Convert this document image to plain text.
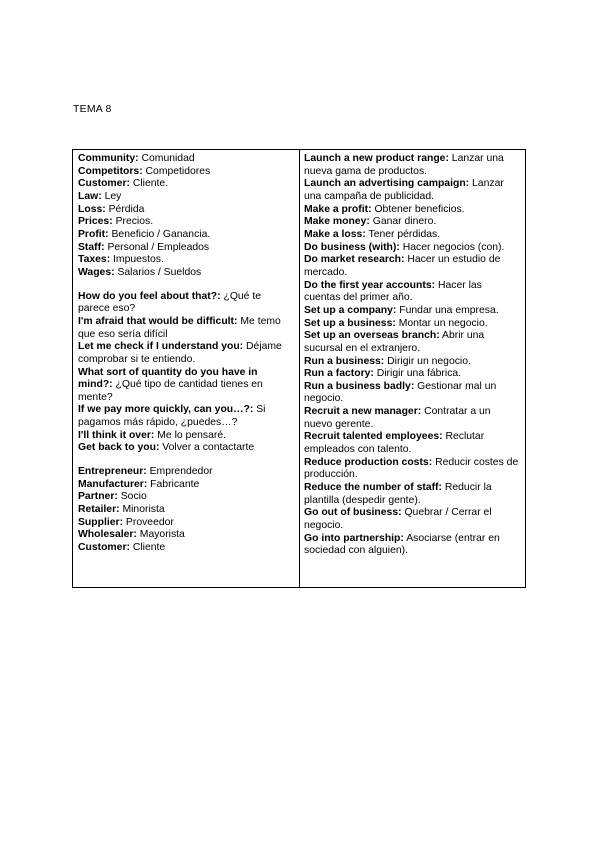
TEMA 8

Community: Comunidad

Competitors: Competidores

Customer: Cliente.

Law: Ley

Loss: Pérdida

Prices: Precios.

Profit: Beneficio / Ganancia.

Staff: Personal / Empleados

Taxes: Impuestos.

Wages: Salarios / Sueldos

How do you feel about that?: ¿Qué te parece eso?

I'm afraid that would be difficult: Me temo que eso sería difícil

Let me check if I understand you: Déjame comprobar si te entiendo.

What sort of quantity do you have in mind?: ¿Qué tipo de cantidad tienes en mente?

If we pay more quickly, can you…?: Si pagamos más rápido, ¿puedes…?

I'll think it over: Me lo pensaré.

Get back to you: Volver a contactarte

Entrepreneur: Emprendedor

Manufacturer: Fabricante

Partner: Socio

Retailer: Minorista

Supplier: Proveedor

Wholesaler: Mayorista

Customer: Cliente

Launch a new product range: Lanzar una nueva gama de productos.

Launch an advertising campaign: Lanzar una campaña de publicidad.

Make a profit: Obtener beneficios.

Make money: Ganar dinero.

Make a loss: Tener pérdidas.

Do business (with): Hacer negocios (con).

Do market research: Hacer un estudio de mercado.

Do the first year accounts: Hacer las cuentas del primer año.

Set up a company: Fundar una empresa.

Set up a business: Montar un negocio.

Set up an overseas branch: Abrir una sucursal en el extranjero.

Run a business: Dirigir un negocio.

Run a factory: Dirigir una fábrica.

Run a business badly: Gestionar mal un negocio.

Recruit a new manager: Contratar a un nuevo gerente.

Recruit talented employees: Reclutar empleados con talento.

Reduce production costs: Reducir costes de producción.

Reduce the number of staff: Reducir la plantilla (despedir gente).

Go out of business: Quebrar / Cerrar el negocio.

Go into partnership: Asociarse (entrar en sociedad con alguien).
